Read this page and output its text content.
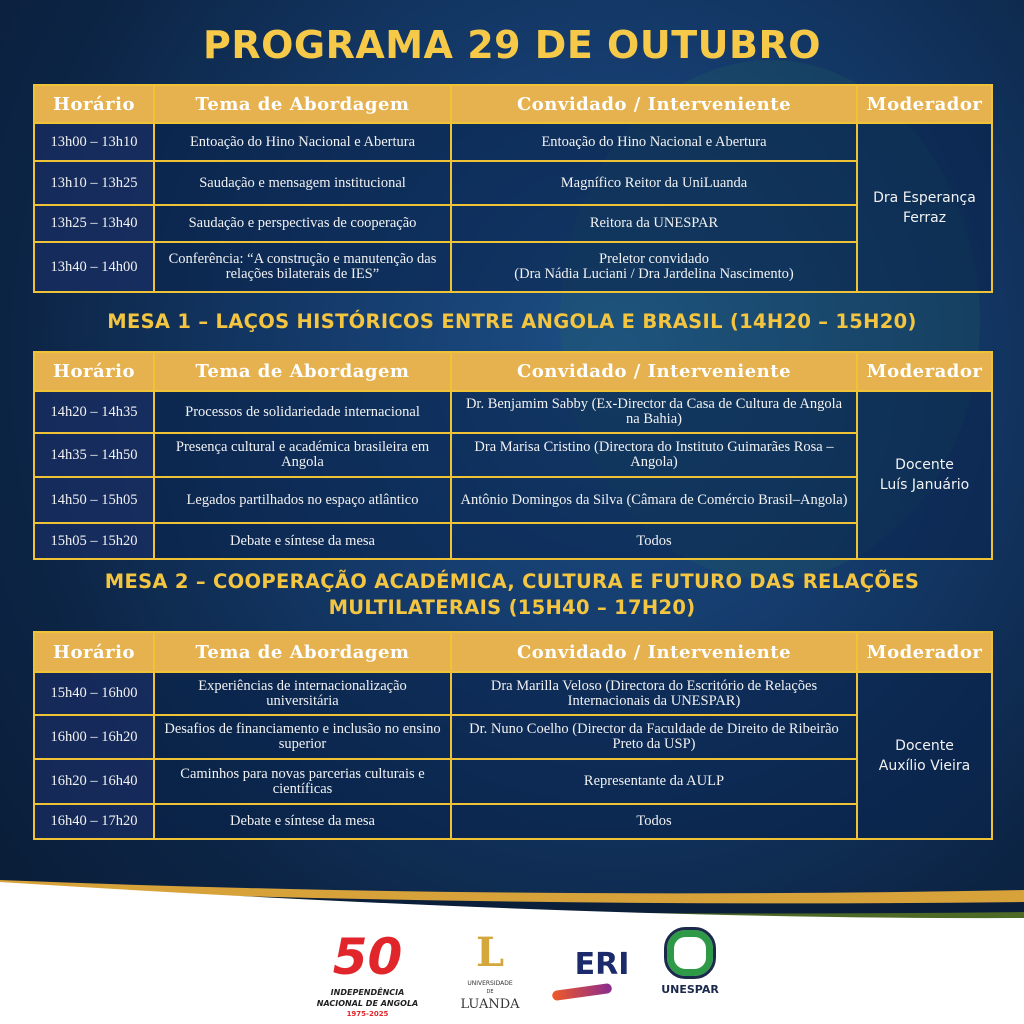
PROGRAMA 29 DE OUTUBRO
Horário	Tema de Abordagem	Convidado / Interveniente	Moderador
13h00 – 13h10	Entoação do Hino Nacional e Abertura	Entoação do Hino Nacional e Abertura	Dra Esperança
Ferraz
13h10 – 13h25	Saudação e mensagem institucional	Magnífico Reitor da UniLuanda	
13h25 – 13h40	Saudação e perspectivas de cooperação	Reitora da UNESPAR	
13h40 – 14h00	Conferência: “A construção e manutenção das relações bilaterais de IES”	Preletor convidado
(Dra Nádia Luciani / Dra Jardelina Nascimento)	
MESA 1 – LAÇOS HISTÓRICOS ENTRE ANGOLA E BRASIL (14H20 – 15H20)
Horário	Tema de Abordagem	Convidado / Interveniente	Moderador
14h20 – 14h35	Processos de solidariedade internacional	Dr. Benjamim Sabby (Ex-Director da Casa de Cultura de Angola na Bahia)	Docente
Luís Januário
14h35 – 14h50	Presença cultural e académica brasileira em Angola	Dra Marisa Cristino (Directora do Instituto Guimarães Rosa – Angola)	
14h50 – 15h05	Legados partilhados no espaço atlântico	Antônio Domingos da Silva (Câmara de Comércio Brasil–Angola)	
15h05 – 15h20	Debate e síntese da mesa	Todos	
MESA 2 – COOPERAÇÃO ACADÉMICA, CULTURA E FUTURO DAS RELAÇÕES
MULTILATERAIS (15H40 – 17H20)
Horário	Tema de Abordagem	Convidado / Interveniente	Moderador
15h40 – 16h00	Experiências de internacionalização universitária	Dra Marilla Veloso (Directora do Escritório de Relações Internacionais da UNESPAR)	Docente
Auxílio Vieira
16h00 – 16h20	Desafios de financiamento e inclusão no ensino superior	Dr. Nuno Coelho (Director da Faculdade de Direito de Ribeirão Preto da USP)	
16h20 – 16h40	Caminhos para novas parcerias culturais e científicas	Representante da AULP	
16h40 – 17h20	Debate e síntese da mesa	Todos	
50
INDEPENDÊNCIA
NACIONAL DE ANGOLA
1975-2025
L
UNIVERSIDADE
DE
LUANDA
ERI
UNESPAR
